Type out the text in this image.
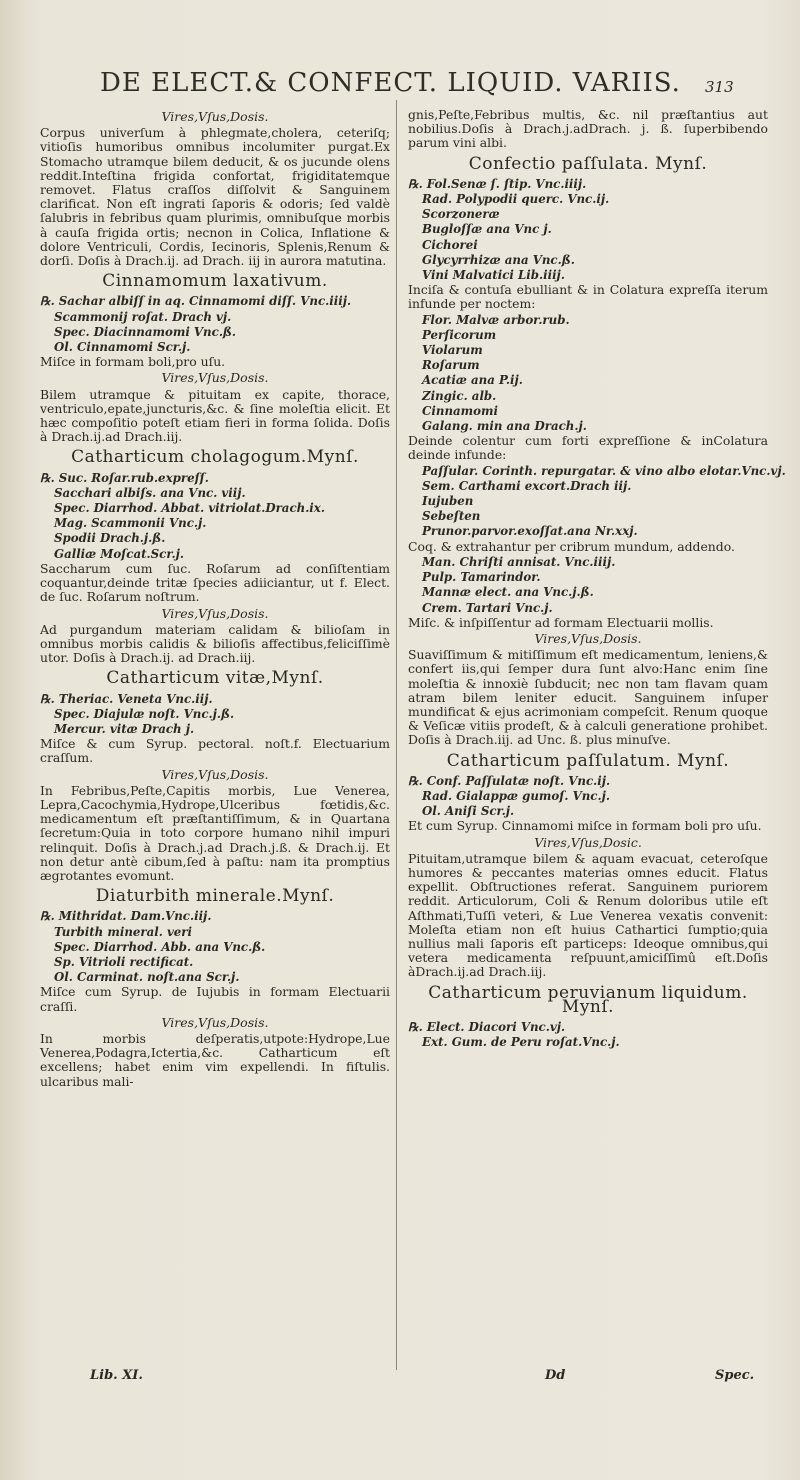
DE ELECT.& CONFECT. LIQUID. VARIIS. 313
Vires,Vſus,Dosis.
Corpus univerſum à phlegmate,cholera, ceteriſq; vitioſis humoribus omnibus incolumiter purgat.Ex Stomacho utramque bilem deducit, & os jucunde olens reddit.Inteſtina frigida confortat, frigiditatemque removet. Flatus craſſos diſſolvit & Sanguinem clarificat. Non eſt ingrati ſaporis & odoris; ſed valdè ſalubris in febribus quam plurimis, omnibuſque morbis à cauſa frigida ortis; necnon in Colica, Inflatione & dolore Ventriculi, Cordis, Iecinoris, Splenis,Renum & dorſi. Doſis à Drach.ij. ad Drach. iij in aurora matutina.
Cinnamomum laxativum.
℞. Sachar albiſſ in aq. Cinnamomi diſſ. Vnc.iiij.
Scammonij roſat. Drach vj.
Spec. Diacinnamomi Vnc.ß.
Ol. Cinnamomi Scr.j.
Miſce in formam boli,pro uſu.
Vires,Vſus,Dosis.
Bilem utramque & pituitam ex capite, thorace, ventriculo,epate,juncturis,&c. & ſine moleſtia elicit. Et hæc compoſitio poteſt etiam fieri in forma ſolida. Doſis à Drach.ij.ad Drach.iij.
Catharticum cholagogum.Mynſ.
℞. Suc. Roſar.rub.expreſſ.
Sacchari albiſs. ana Vnc. viij.
Spec. Diarrhod. Abbat. vitriolat.Drach.ix.
Mag. Scammonii Vnc.j.
Spodii Drach.j.ß.
Galliæ Moſcat.Scr.j.
Saccharum cum ſuc. Roſarum ad conſiſtentiam coquantur,deinde tritæ ſpecies adiiciantur, ut f. Elect. de ſuc. Roſarum noſtrum.
Vires,Vſus,Dosis.
Ad purgandum materiam calidam & bilioſam in omnibus morbis calidis & bilioſis affectibus,feliciſſimè utor. Doſis à Drach.ij. ad Drach.iij.
Catharticum vitæ,Mynſ.
℞. Theriac. Veneta Vnc.iij.
Spec. Diajulæ noſt. Vnc.j.ß.
Mercur. vitæ Drach j.
Miſce & cum Syrup. pectoral. noſt.f. Electuarium craſſum.
Vires,Vſus,Dosis.
In Febribus,Peſte,Capitis morbis, Lue Venerea, Lepra,Cacochymia,Hydrope,Ulceribus fœtidis,&c. medicamentum eſt præſtantiſſimum, & in Quartana ſecretum:Quia in toto corpore humano nihil impuri relinquit. Doſis à Drach.j.ad Drach.j.ß. & Drach.ij. Et non detur antè cibum,ſed à paſtu: nam ita promptius ægrotantes evomunt.
Diaturbith minerale.Mynſ.
℞. Mithridat. Dam.Vnc.iij.
Turbith mineral. veri
Spec. Diarrhod. Abb. ana Vnc.ß.
Sp. Vitrioli rectificat.
Ol. Carminat. noſt.ana Scr.j.
Miſce cum Syrup. de Iujubis in formam Electuarii craſſi.
Vires,Vſus,Dosis.
In morbis deſperatis,utpote:Hydrope,Lue Venerea,Podagra,Ictertia,&c. Catharticum eſt excellens; habet enim vim expellendi. In fiſtulis. ulcaribus mali-
gnis,Peſte,Febribus multis, &c. nil præſtantius aut nobilius.Doſis à Drach.j.adDrach. j. ß. ſuperbibendo parum vini albi.
Confectio paſſulata. Mynſ.
℞. Fol.Senæ ſ. ſtip. Vnc.iiij.
Rad. Polypodii querc. Vnc.ij.
Scorzoneræ
Bugloſſæ ana Vnc j.
Cichorei
Glycyrrhizæ ana Vnc.ß.
Vini Malvatici Lib.iiij.
Inciſa & contuſa ebulliant & in Colatura expreſſa iterum infunde per noctem:
Flor. Malvæ arbor.rub.
Perſicorum
Violarum
Roſarum
Acatiæ ana P.ij.
Zingic. alb.
Cinnamomi
Galang. min ana Drach.j.
Deinde colentur cum forti expreſſione & inColatura deinde infunde:
Paſſular. Corinth. repurgatar. & vino albo elotar.Vnc.vj.
Sem. Carthami excort.Drach iij.
Iujuben
Sebeſten
Prunor.parvor.exoſſat.ana Nr.xxj.
Coq. & extrahantur per cribrum mundum, addendo.
Man. Chriſti annisat. Vnc.iiij.
Pulp. Tamarindor.
Mannæ elect. ana Vnc.j.ß.
Crem. Tartari Vnc.j.
Miſc. & inſpiſſentur ad formam Electuarii mollis.
Vires,Vſus,Dosis.
Suaviſſimum & mitiſſimum eſt medicamentum, leniens,& confert iis,qui ſemper dura ſunt alvo:Hanc enim ſine moleſtia & innoxiè ſubducit; nec non tam flavam quam atram bilem leniter educit. Sanguinem inſuper mundificat & ejus acrimoniam compeſcit. Renum quoque & Veſicæ vitiis prodeſt, & à calculi generatione prohibet. Doſis à Drach.iij. ad Unc. ß. plus minuſve.
Catharticum paſſulatum. Mynſ.
℞. Conf. Paſſulatæ noſt. Vnc.ij.
Rad. Gialappæ gumoſ. Vnc.j.
Ol. Aniſi Scr.j.
Et cum Syrup. Cinnamomi miſce in formam boli pro uſu.
Vires,Vſus,Dosic.
Pituitam,utramque bilem & aquam evacuat, ceteroſque humores & peccantes materias omnes educit. Flatus expellit. Obſtructiones referat. Sanguinem puriorem reddit. Articulorum, Coli & Renum doloribus utile eſt Aſthmati,Tuſſi veteri, & Lue Venerea vexatis convenit: Moleſta etiam non eſt huius Cathartici ſumptio;quia nullius mali ſaporis eſt particeps: Ideoque omnibus,qui vetera medicamenta reſpuunt,amiciſſimû eſt.Doſis àDrach.ij.ad Drach.iij.
Catharticum peruvianum liquidum. Mynſ.
℞. Elect. Diacori Vnc.vj.
Ext. Gum. de Peru roſat.Vnc.j.
Lib. XI.	Dd	Spec.
